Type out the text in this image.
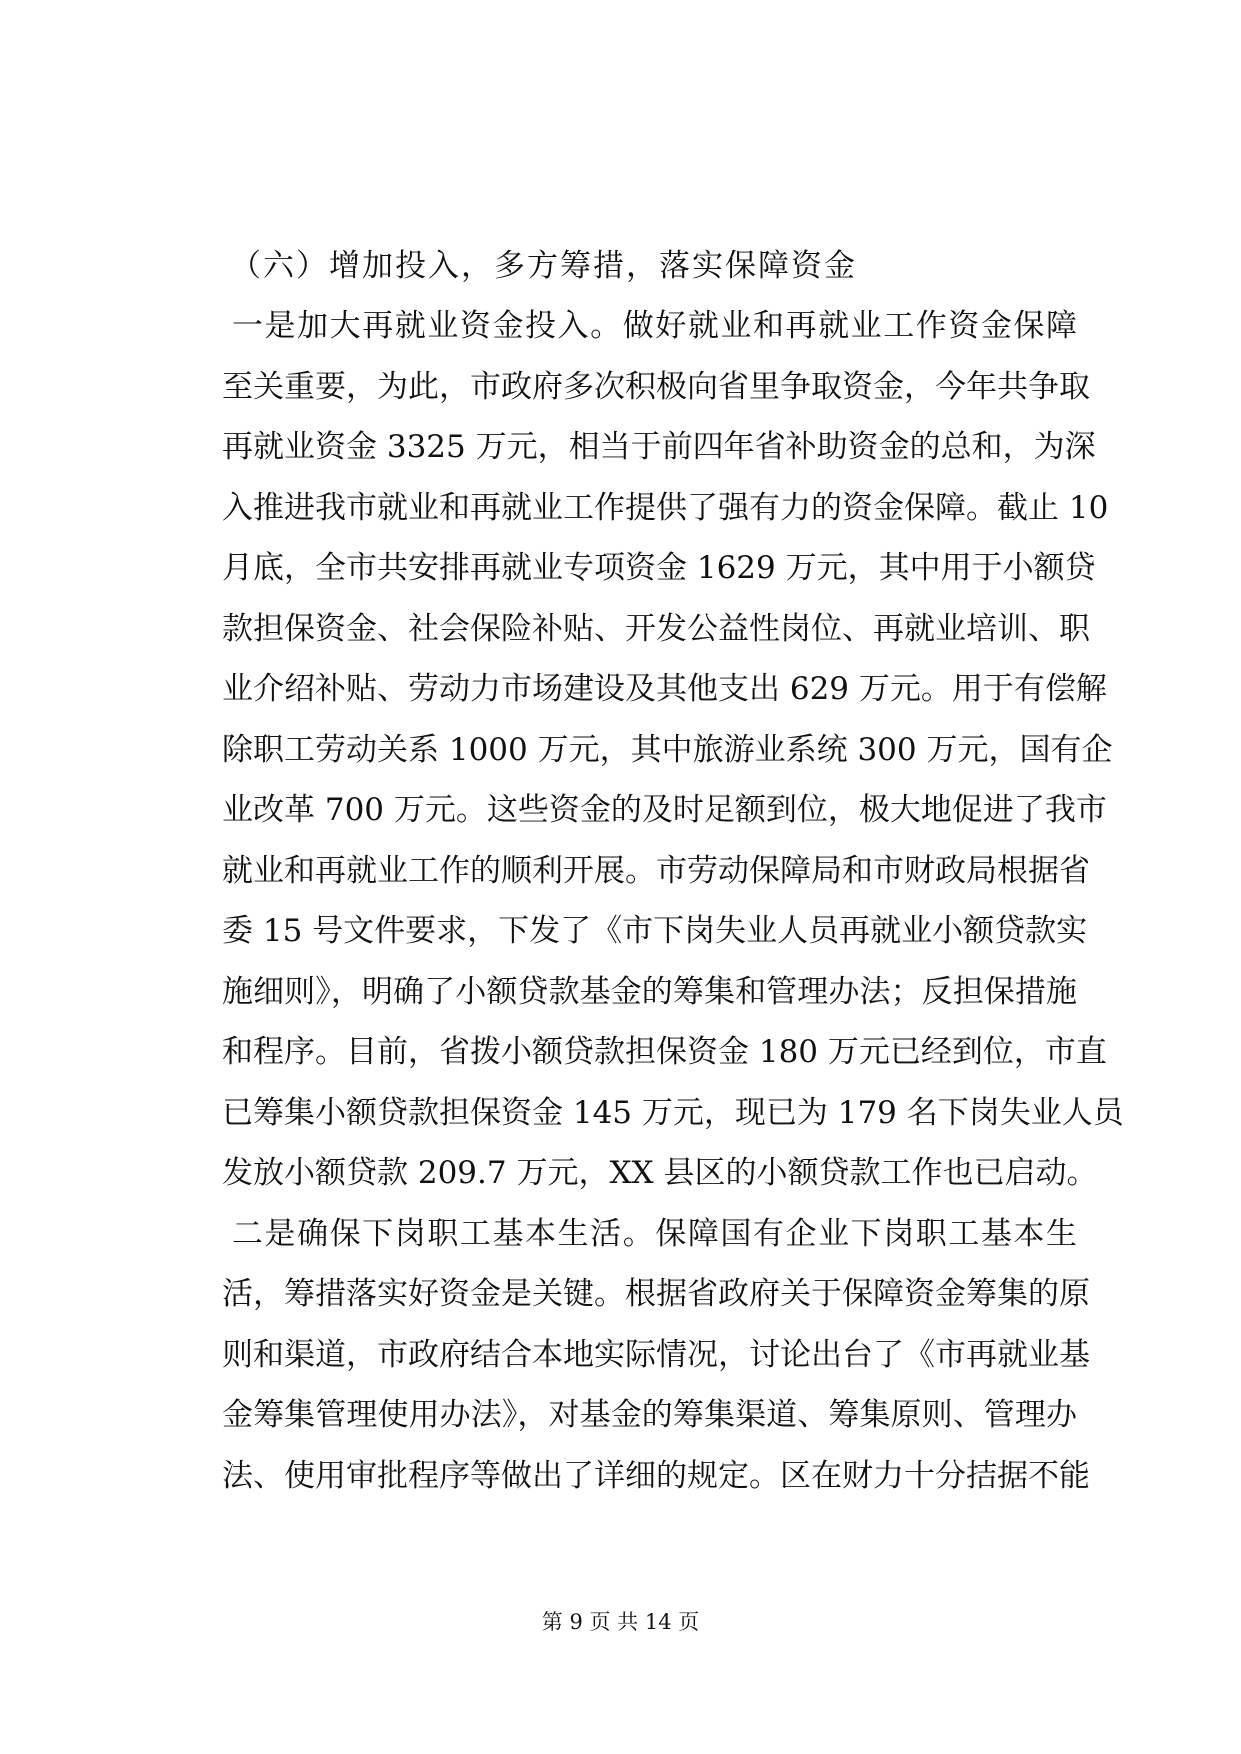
（六）增加投入，多方筹措，落实保障资金
一是加大再就业资金投入。做好就业和再就业工作资金保障
至关重要，为此，市政府多次积极向省里争取资金，今年共争取
再就业资金 3325 万元，相当于前四年省补助资金的总和，为深
入推进我市就业和再就业工作提供了强有力的资金保障。截止 10
月底，全市共安排再就业专项资金 1629 万元，其中用于小额贷
款担保资金、社会保险补贴、开发公益性岗位、再就业培训、职
业介绍补贴、劳动力市场建设及其他支出 629 万元。用于有偿解
除职工劳动关系 1000 万元，其中旅游业系统 300 万元，国有企
业改革 700 万元。这些资金的及时足额到位，极大地促进了我市
就业和再就业工作的顺利开展。市劳动保障局和市财政局根据省
委 15 号文件要求，下发了《市下岗失业人员再就业小额贷款实
施细则》，明确了小额贷款基金的筹集和管理办法；反担保措施
和程序。目前，省拨小额贷款担保资金 180 万元已经到位，市直
已筹集小额贷款担保资金 145 万元，现已为 179 名下岗失业人员
发放小额贷款 209.7 万元，XX 县区的小额贷款工作也已启动。
二是确保下岗职工基本生活。保障国有企业下岗职工基本生
活，筹措落实好资金是关键。根据省政府关于保障资金筹集的原
则和渠道，市政府结合本地实际情况，讨论出台了《市再就业基
金筹集管理使用办法》，对基金的筹集渠道、筹集原则、管理办
法、使用审批程序等做出了详细的规定。区在财力十分拮据不能
第 9 页 共 14 页
